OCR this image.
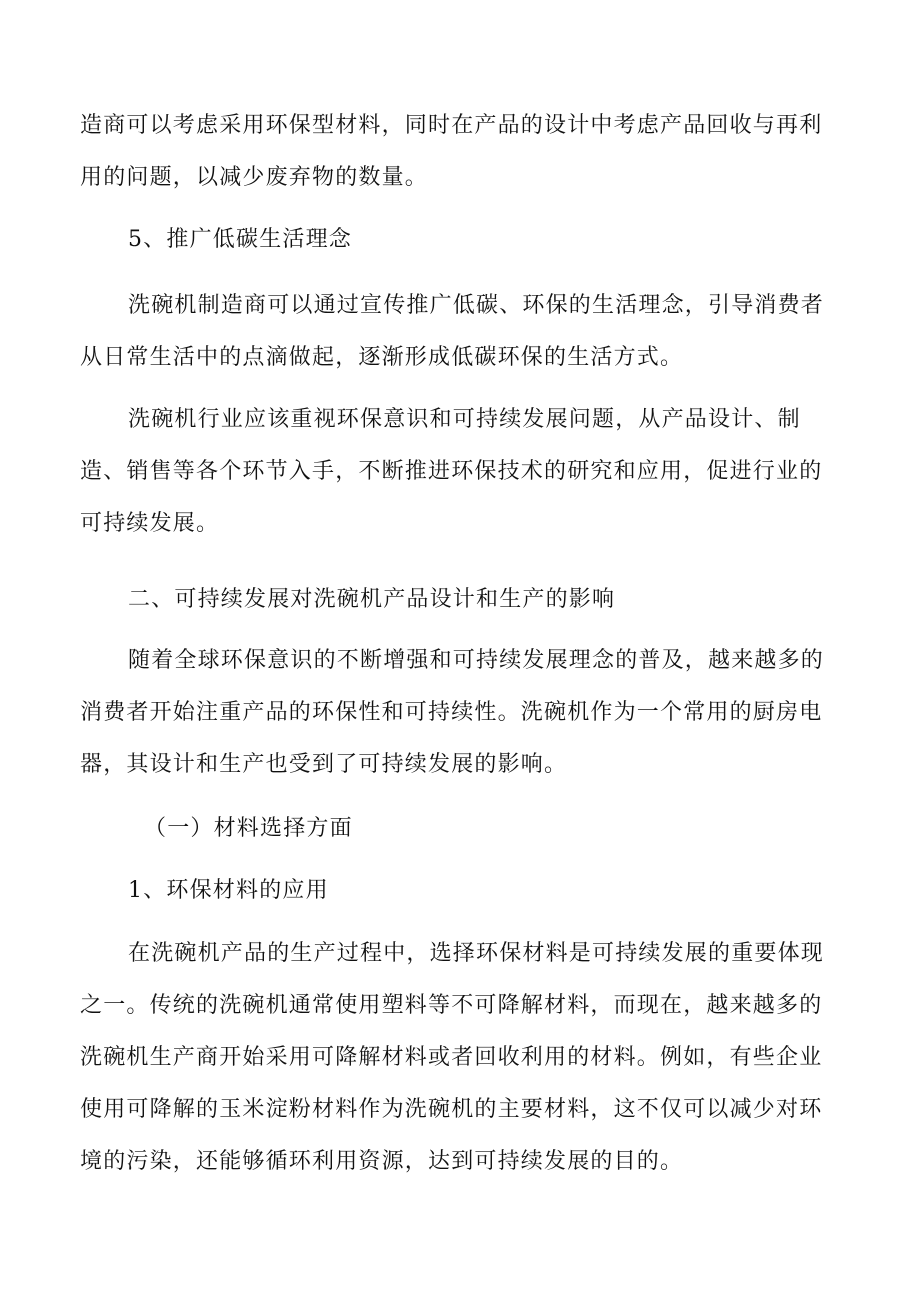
造商可以考虑采用环保型材料，同时在产品的设计中考虑产品回收与再利用的问题，以减少废弃物的数量。

5、推广低碳生活理念

洗碗机制造商可以通过宣传推广低碳、环保的生活理念，引导消费者从日常生活中的点滴做起，逐渐形成低碳环保的生活方式。

洗碗机行业应该重视环保意识和可持续发展问题，从产品设计、制造、销售等各个环节入手，不断推进环保技术的研究和应用，促进行业的可持续发展。

二、可持续发展对洗碗机产品设计和生产的影响

随着全球环保意识的不断增强和可持续发展理念的普及，越来越多的消费者开始注重产品的环保性和可持续性。洗碗机作为一个常用的厨房电器，其设计和生产也受到了可持续发展的影响。

（一）材料选择方面

1、环保材料的应用

在洗碗机产品的生产过程中，选择环保材料是可持续发展的重要体现之一。传统的洗碗机通常使用塑料等不可降解材料，而现在，越来越多的洗碗机生产商开始采用可降解材料或者回收利用的材料。例如，有些企业使用可降解的玉米淀粉材料作为洗碗机的主要材料，这不仅可以减少对环境的污染，还能够循环利用资源，达到可持续发展的目的。
